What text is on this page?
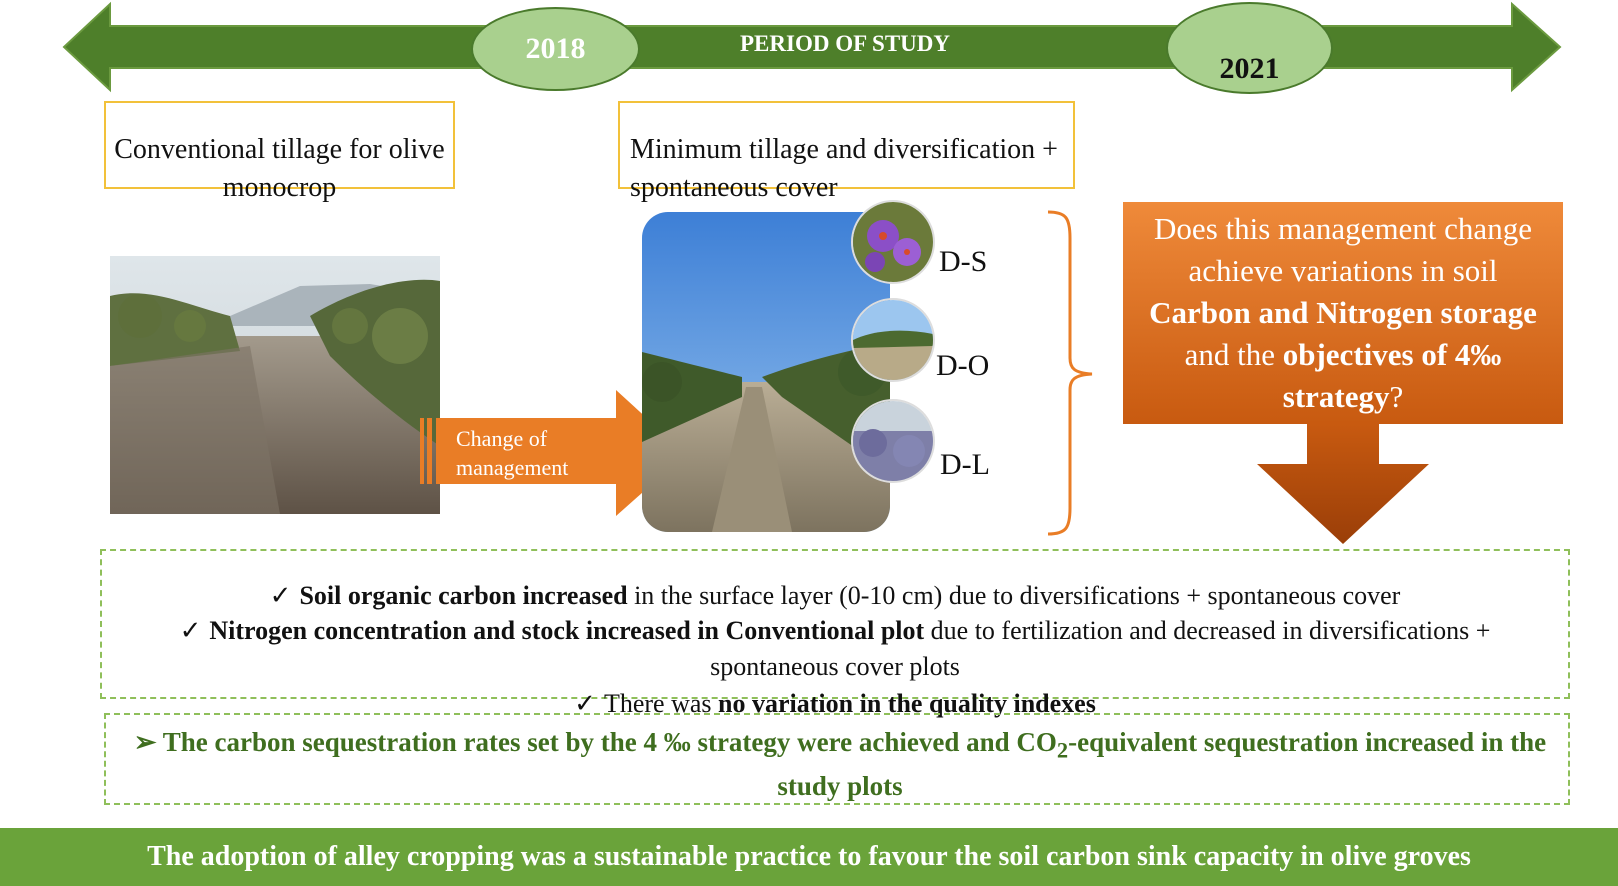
2018	PERIOD OF STUDY
2021
Conventional tillage for olive monocrop
Minimum tillage and diversification + spontaneous cover
Change of management
D-S
D-O
D-L
Does this management change achieve variations in soil Carbon and Nitrogen storage and the objectives of 4‰ strategy?
✓ Soil organic carbon increased in the surface layer (0-10 cm) due to diversifications + spontaneous cover
✓ Nitrogen concentration and stock increased in Conventional plot due to fertilization and decreased in diversifications + spontaneous cover plots
✓ There was no variation in the quality indexes
➢ The carbon sequestration rates set by the 4 ‰ strategy were achieved and $CO_2$-equivalent sequestration increased in the study plots
The adoption of alley cropping was a sustainable practice to favour the soil carbon sink capacity in olive groves
